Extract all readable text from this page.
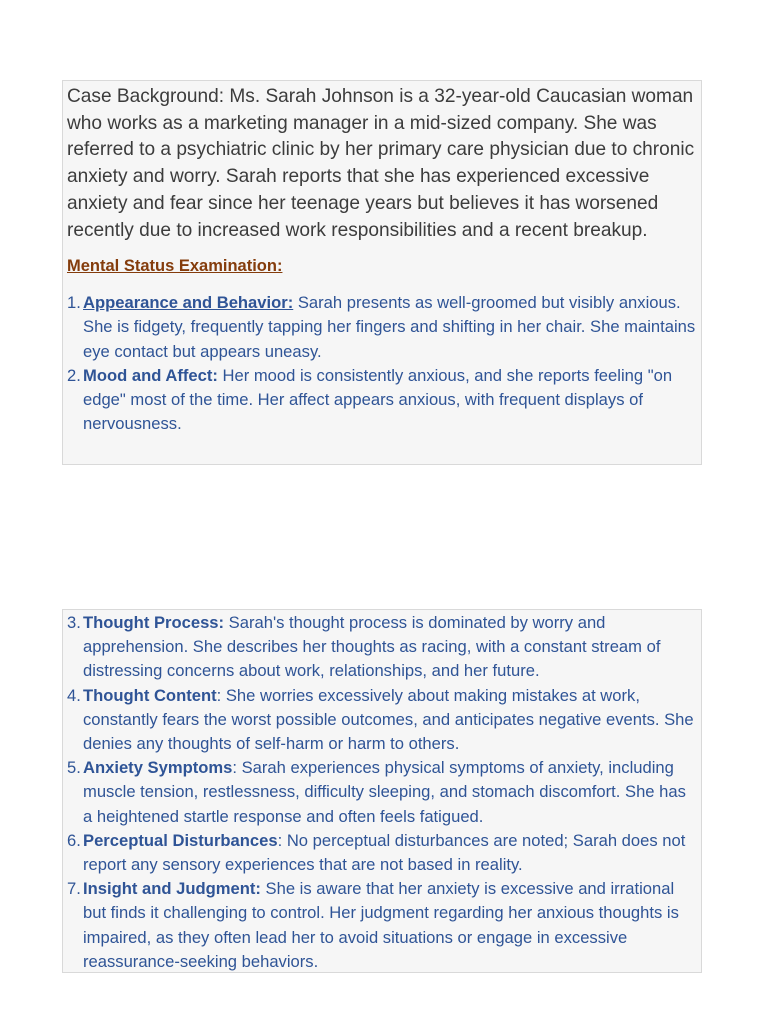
Case Background: Ms. Sarah Johnson is a 32-year-old Caucasian woman who works as a marketing manager in a mid-sized company. She was referred to a psychiatric clinic by her primary care physician due to chronic anxiety and worry. Sarah reports that she has experienced excessive anxiety and fear since her teenage years but believes it has worsened recently due to increased work responsibilities and a recent breakup.

Mental Status Examination:
1. Appearance and Behavior: Sarah presents as well-groomed but visibly anxious. She is fidgety, frequently tapping her fingers and shifting in her chair. She maintains eye contact but appears uneasy.
2. Mood and Affect: Her mood is consistently anxious, and she reports feeling "on edge" most of the time. Her affect appears anxious, with frequent displays of nervousness.
3. Thought Process: Sarah's thought process is dominated by worry and apprehension. She describes her thoughts as racing, with a constant stream of distressing concerns about work, relationships, and her future.
4. Thought Content: She worries excessively about making mistakes at work, constantly fears the worst possible outcomes, and anticipates negative events. She denies any thoughts of self-harm or harm to others.
5. Anxiety Symptoms: Sarah experiences physical symptoms of anxiety, including muscle tension, restlessness, difficulty sleeping, and stomach discomfort. She has a heightened startle response and often feels fatigued.
6. Perceptual Disturbances: No perceptual disturbances are noted; Sarah does not report any sensory experiences that are not based in reality.
7. Insight and Judgment: She is aware that her anxiety is excessive and irrational but finds it challenging to control. Her judgment regarding her anxious thoughts is impaired, as they often lead her to avoid situations or engage in excessive reassurance-seeking behaviors.
